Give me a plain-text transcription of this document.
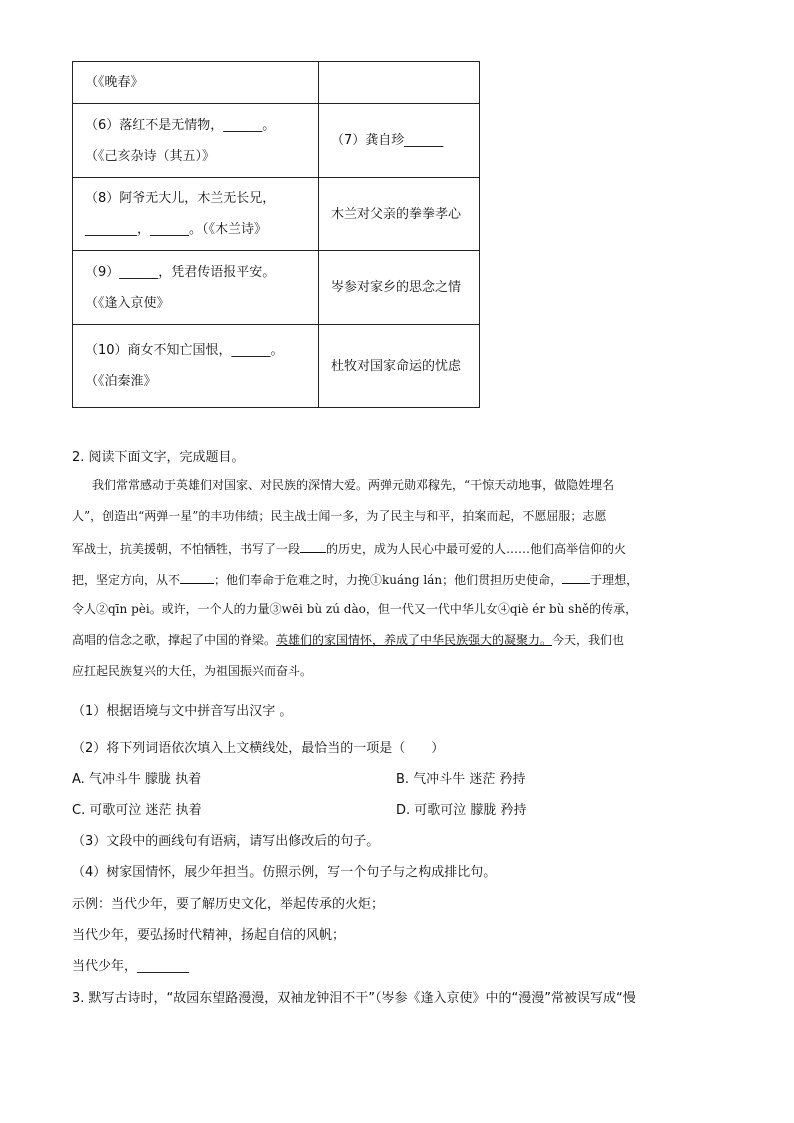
（《晚春》	

（6）落红不是无情物，______。
（《己亥杂诗（其五）》	（7）龚自珍______

（8）阿爷无大儿，木兰无长兄，
________，______。（《木兰诗》	木兰对父亲的拳拳孝心

（9）______，凭君传语报平安。
（《逢入京使》	岑参对家乡的思念之情

（10）商女不知亡国恨，______。
（《泊秦淮》	杜牧对国家命运的忧虑
2. 阅读下面文字，完成题目。
我们常常感动于英雄们对国家、对民族的深情大爱。两弹元勋邓稼先，“干惊天动地事，做隐姓埋名
人”，创造出“两弹一星”的丰功伟绩；民主战士闻一多，为了民主与和平，拍案而起，不愿屈服；志愿
军战士，抗美援朝，不怕牺牲，书写了一段 的历史，成为人民心中最可爱的人……他们高举信仰的火
把，坚定方向，从不	；他们奉命于危难之时，力挽①kuáng lán；他们贯担历史使命， 于理想，
令人②qīn pèi。或许，一个人的力量③wēi bù zú dào，但一代又一代中华儿女④qiè ér bù shě的传承，
高唱的信念之歌，撑起了中国的脊梁。英雄们的家国情怀，养成了中华民族强大的凝聚力。今天，我们也
应扛起民族复兴的大任，为祖国振兴而奋斗。
（1）根据语境与文中拼音写出汉字 。
（2）将下列词语依次填入上文横线处，最恰当的一项是（　　）
A. 气冲斗牛 朦胧 执着	B. 气冲斗牛 迷茫 矜持
C. 可歌可泣 迷茫 执着	D. 可歌可泣 朦胧 矜持
（3）文段中的画线句有语病，请写出修改后的句子。
（4）树家国情怀，展少年担当。仿照示例，写一个句子与之构成排比句。
示例：当代少年，要了解历史文化，举起传承的火炬；
当代少年，要弘扬时代精神，扬起自信的风帆；
当代少年，________
3. 默写古诗时，“故园东望路漫漫，双袖龙钟泪不干”（岑参《逢入京使》中的“漫漫”常被误写成“慢
